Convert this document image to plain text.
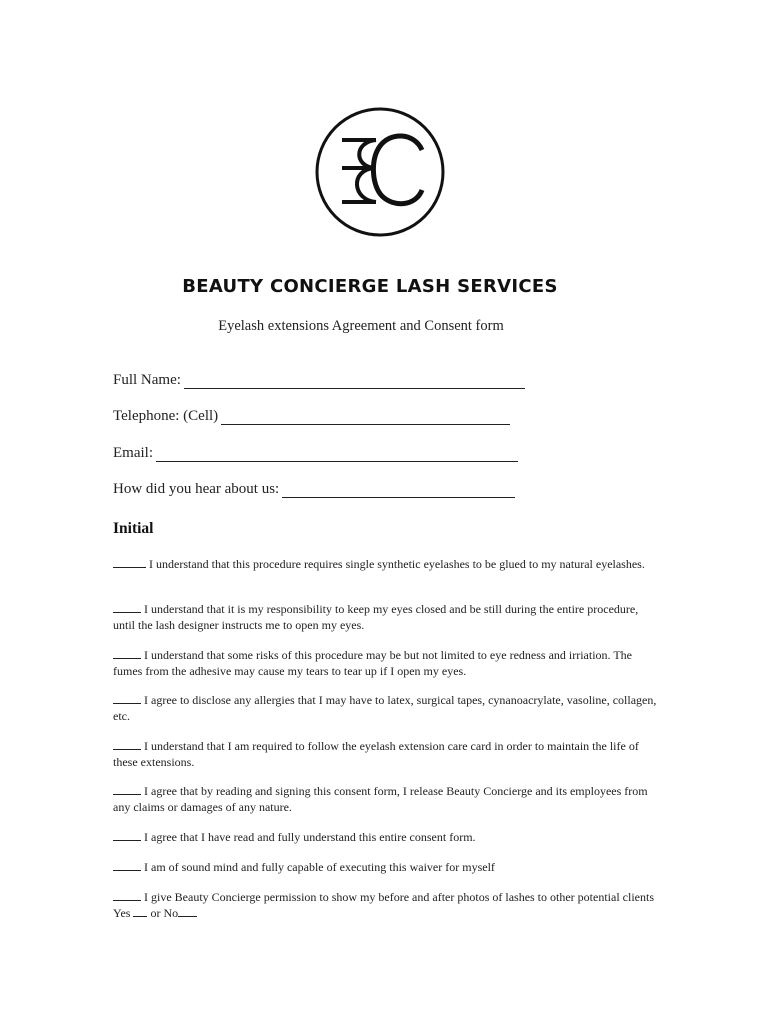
BEAUTY CONCIERGE LASH SERVICES
Eyelash extensions Agreement and Consent form
Full Name:
Telephone: (Cell)
Email:
How did you hear about us:
Initial
I understand that this procedure requires single synthetic eyelashes to be glued to my natural eyelashes.
I understand that it is my responsibility to keep my eyes closed and be still during the entire procedure, until the lash designer instructs me to open my eyes.
I understand that some risks of this procedure may be but not limited to eye redness and irriation. The fumes from the adhesive may cause my tears to tear up if I open my eyes.
I agree to disclose any allergies that I may have to latex, surgical tapes, cynanoacrylate, vasoline, collagen, etc.
I understand that I am required to follow the eyelash extension care card in order to maintain the life of these extensions.
I agree that by reading and signing this consent form, I release Beauty Concierge and its employees from any claims or damages of any nature.
I agree that I have read and fully understand this entire consent form.
I am of sound mind and fully capable of executing this waiver for myself
I give Beauty Concierge permission to show my before and after photos of lashes to other potential clients Yes or No
